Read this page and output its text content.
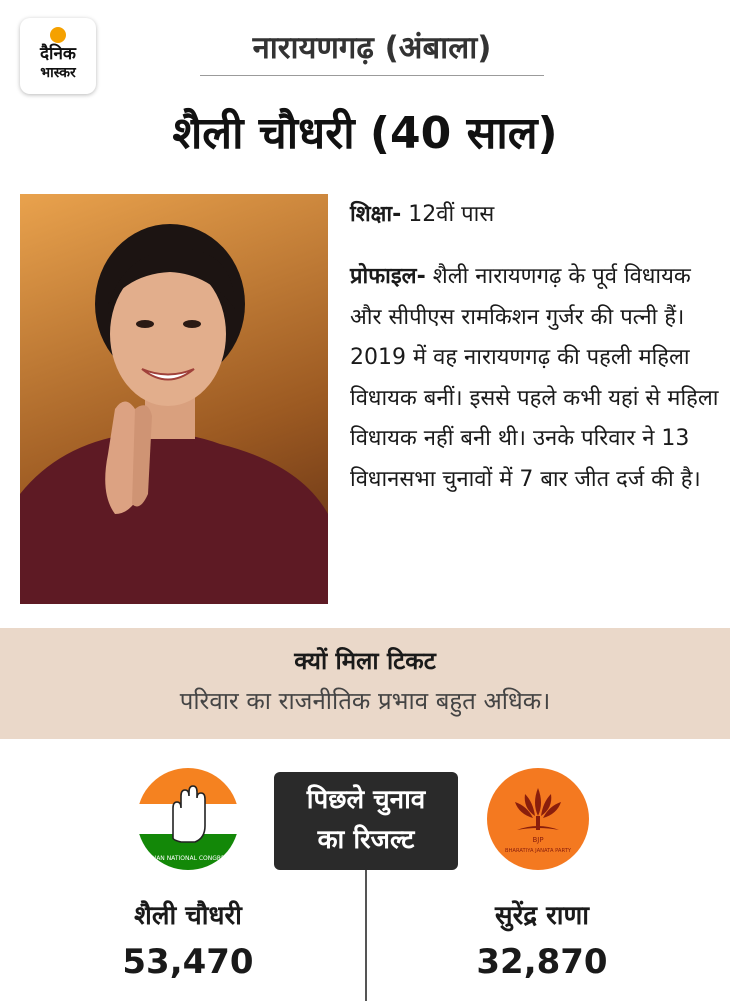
दैनिक
भास्कर
नारायणगढ़ (अंबाला)
शैली चौधरी (40 साल)
शिक्षा- 12वीं पास
प्रोफाइल- शैली नारायणगढ़ के पूर्व विधायक और सीपीएस रामकिशन गुर्जर की पत्नी हैं। 2019 में वह नारायणगढ़ की पहली महिला विधायक बनीं। इससे पहले कभी यहां से महिला विधायक नहीं बनी थी। उनके परिवार ने 13 विधानसभा चुनावों में 7 बार जीत दर्ज की है।
क्यों मिला टिकट
परिवार का राजनीतिक प्रभाव बहुत अधिक।
INDIAN NATIONAL CONGRESS
पिछले चुनाव
का रिजल्ट	BJP
BHARATIYA JANATA PARTY
शैली चौधरी
53,470
सुरेंद्र राणा
32,870
